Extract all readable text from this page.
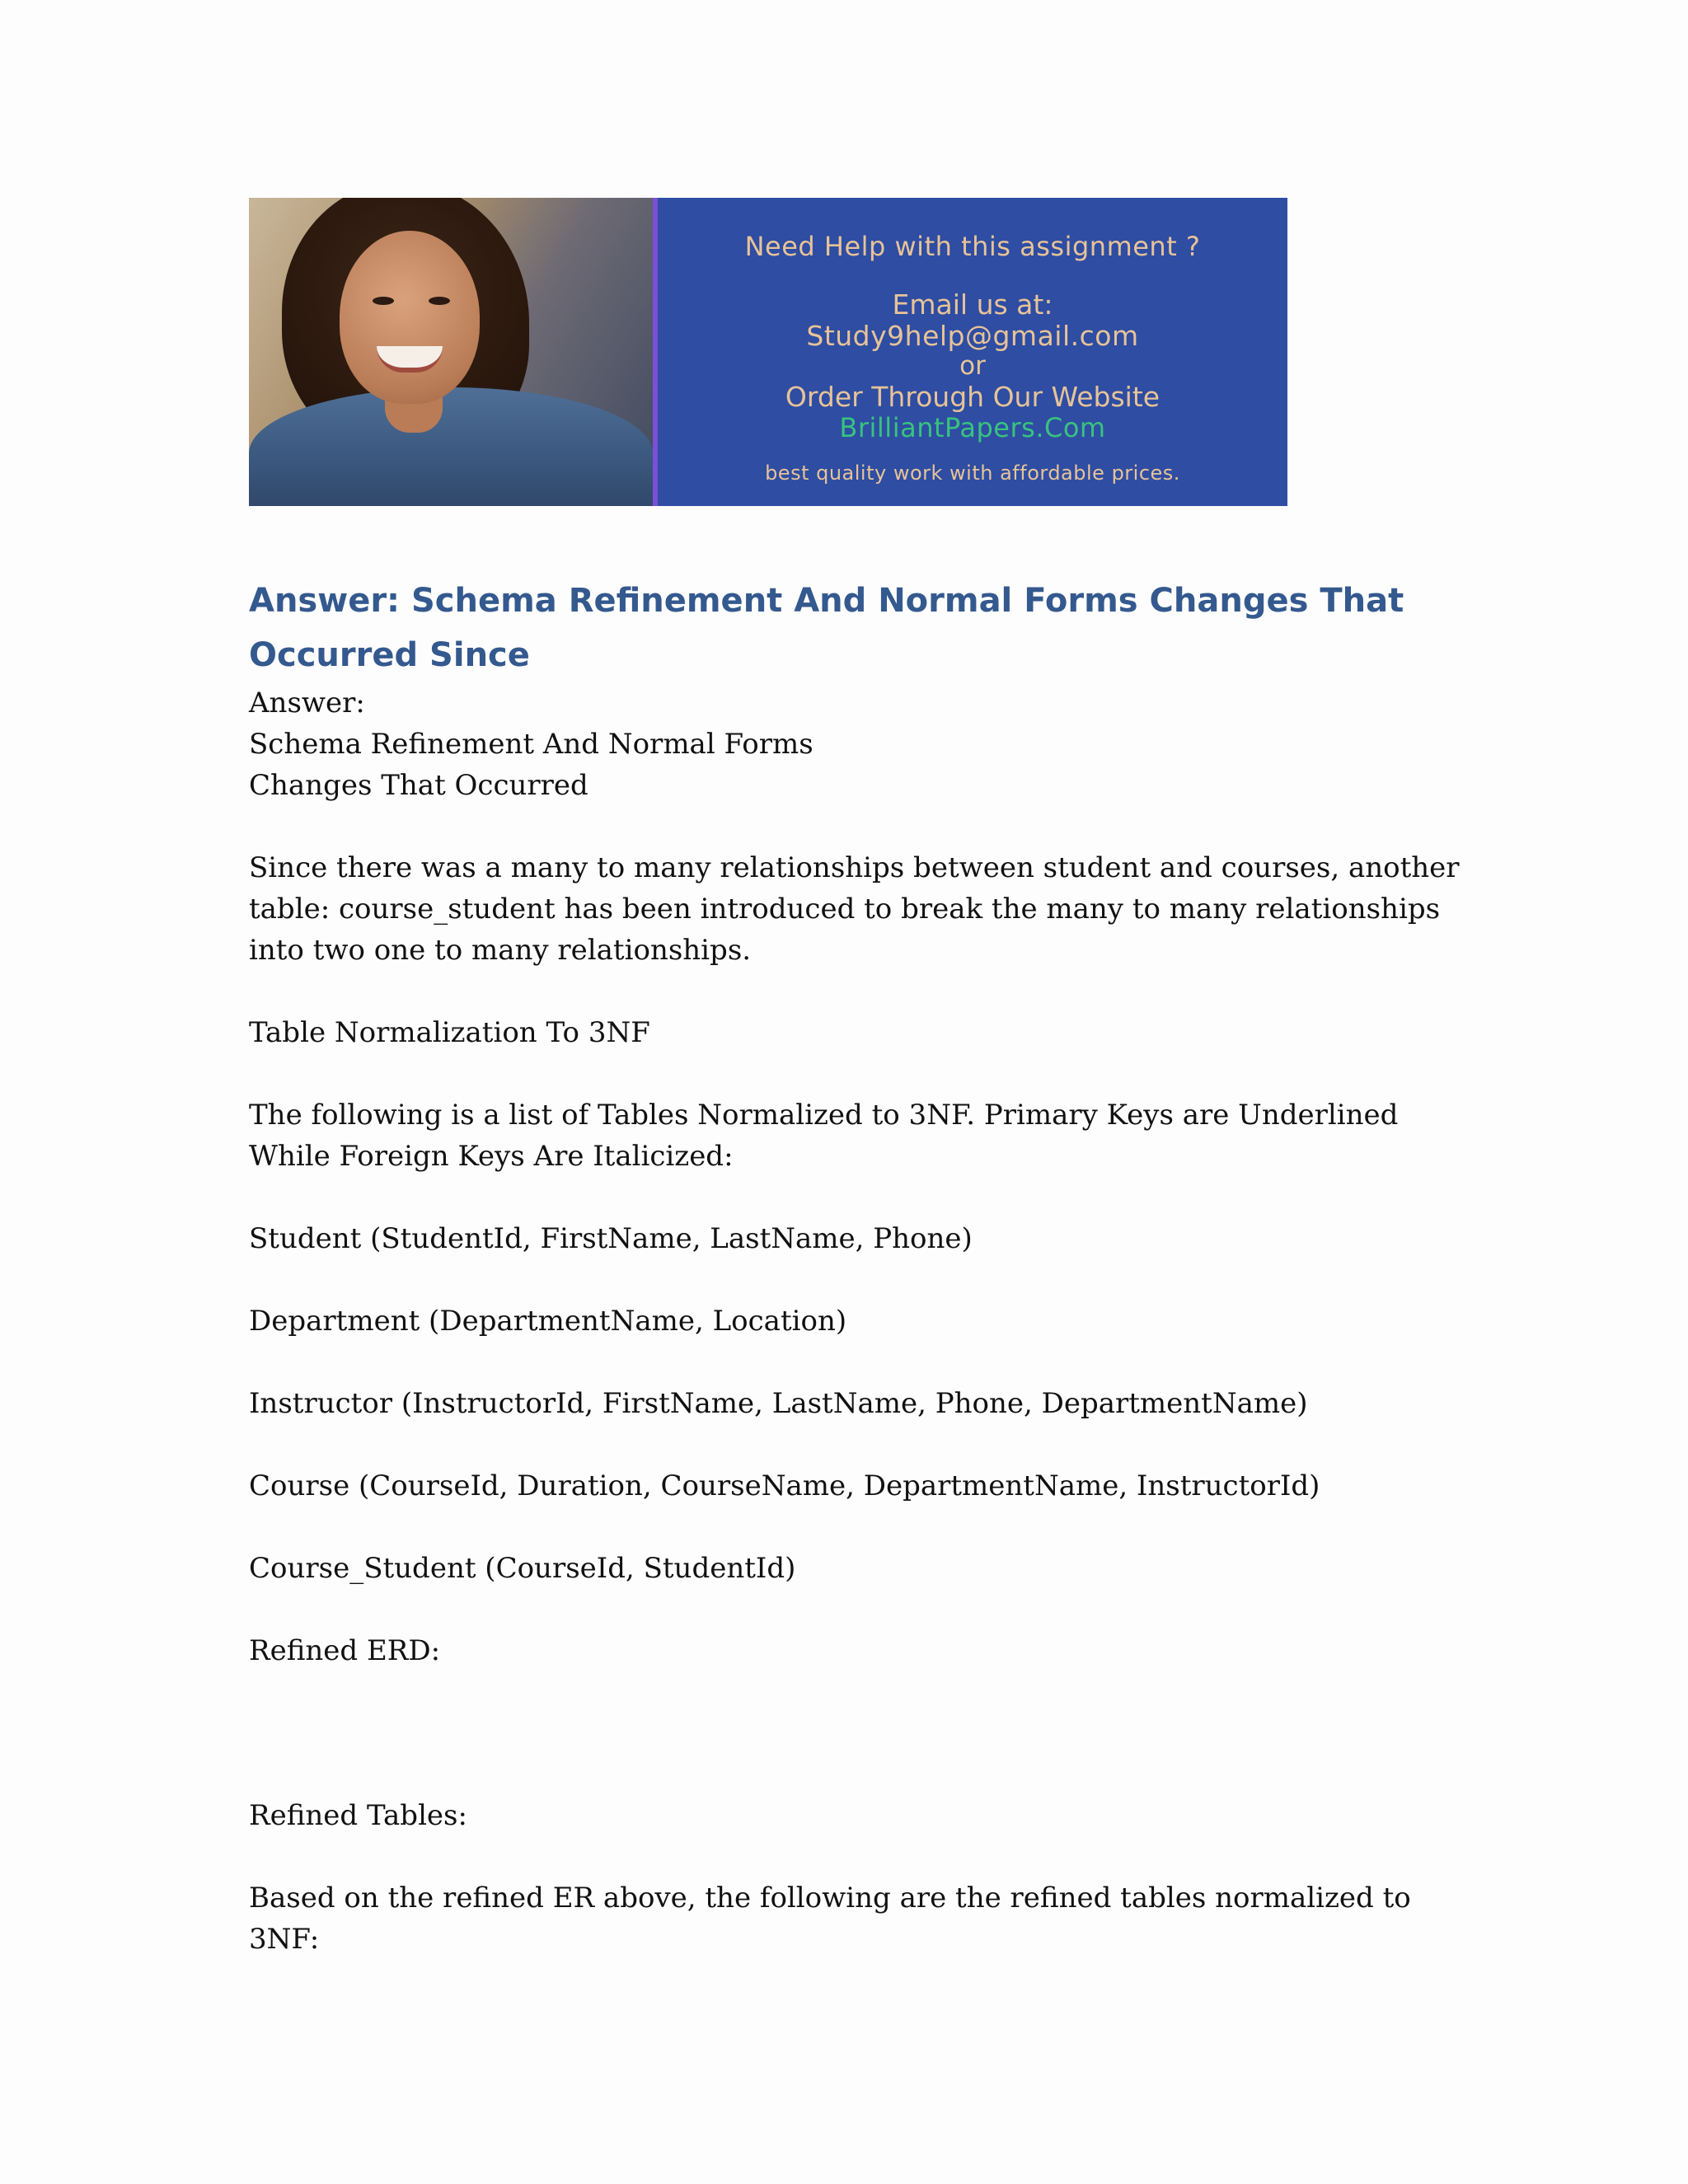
Need Help with this assignment ?
Email us at:
Study9help@gmail.com
or
Order Through Our Website
BrilliantPapers.Com
best quality work with affordable prices.
Answer: Schema Refinement And Normal Forms Changes That Occurred Since

Answer:

Schema Refinement And Normal Forms

Changes That Occurred

Since there was a many to many relationships between student and courses, another table: course_student has been introduced to break the many to many relationships into two one to many relationships.

Table Normalization To 3NF

The following is a list of Tables Normalized to 3NF. Primary Keys are Underlined While Foreign Keys Are Italicized:

Student (StudentId, FirstName, LastName, Phone)

Department (DepartmentName, Location)

Instructor (InstructorId, FirstName, LastName, Phone, DepartmentName)

Course (CourseId, Duration, CourseName, DepartmentName, InstructorId)

Course_Student (CourseId, StudentId)

Refined ERD:

Refined Tables:

Based on the refined ER above, the following are the refined tables normalized to 3NF:
